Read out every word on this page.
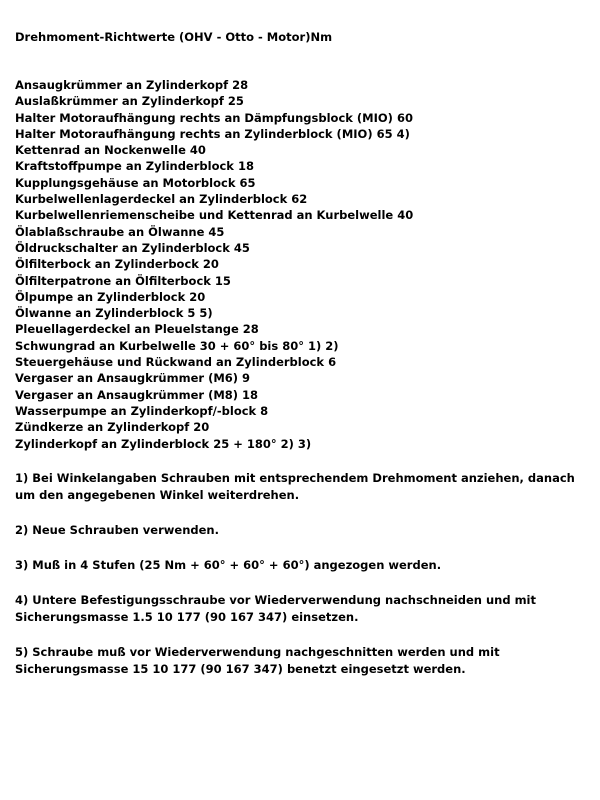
Drehmoment-Richtwerte (OHV - Otto - Motor)Nm
Ansaugkrümmer an Zylinderkopf 28
Auslaßkrümmer an Zylinderkopf 25
Halter Motoraufhängung rechts an Dämpfungsblock (MIO) 60
Halter Motoraufhängung rechts an Zylinderblock (MIO) 65 4)
Kettenrad an Nockenwelle 40
Kraftstoffpumpe an Zylinderblock 18
Kupplungsgehäuse an Motorblock 65
Kurbelwellenlagerdeckel an Zylinderblock 62
Kurbelwellenriemenscheibe und Kettenrad an Kurbelwelle 40
Ölablaßschraube an Ölwanne 45
Öldruckschalter an Zylinderblock 45
Ölfilterbock an Zylinderbock 20
Ölfilterpatrone an Ölfilterbock 15
Ölpumpe an Zylinderblock 20
Ölwanne an Zylinderblock 5 5)
Pleuellagerdeckel an Pleuelstange 28
Schwungrad an Kurbelwelle 30 + 60° bis 80° 1) 2)
Steuergehäuse und Rückwand an Zylinderblock 6
Vergaser an Ansaugkrümmer (M6) 9
Vergaser an Ansaugkrümmer (M8) 18
Wasserpumpe an Zylinderkopf/-block 8
Zündkerze an Zylinderkopf 20
Zylinderkopf an Zylinderblock 25 + 180° 2) 3)

1) Bei Winkelangaben Schrauben mit entsprechendem Drehmoment anziehen, danach um den angegebenen Winkel weiterdrehen.

2) Neue Schrauben verwenden.

3) Muß in 4 Stufen (25 Nm + 60° + 60° + 60°) angezogen werden.

4) Untere Befestigungsschraube vor Wiederverwendung nachschneiden und mit Sicherungsmasse 1.5 10 177 (90 167 347) einsetzen.

5) Schraube muß vor Wiederverwendung nachgeschnitten werden und mit Sicherungsmasse 15 10 177 (90 167 347) benetzt eingesetzt werden.
